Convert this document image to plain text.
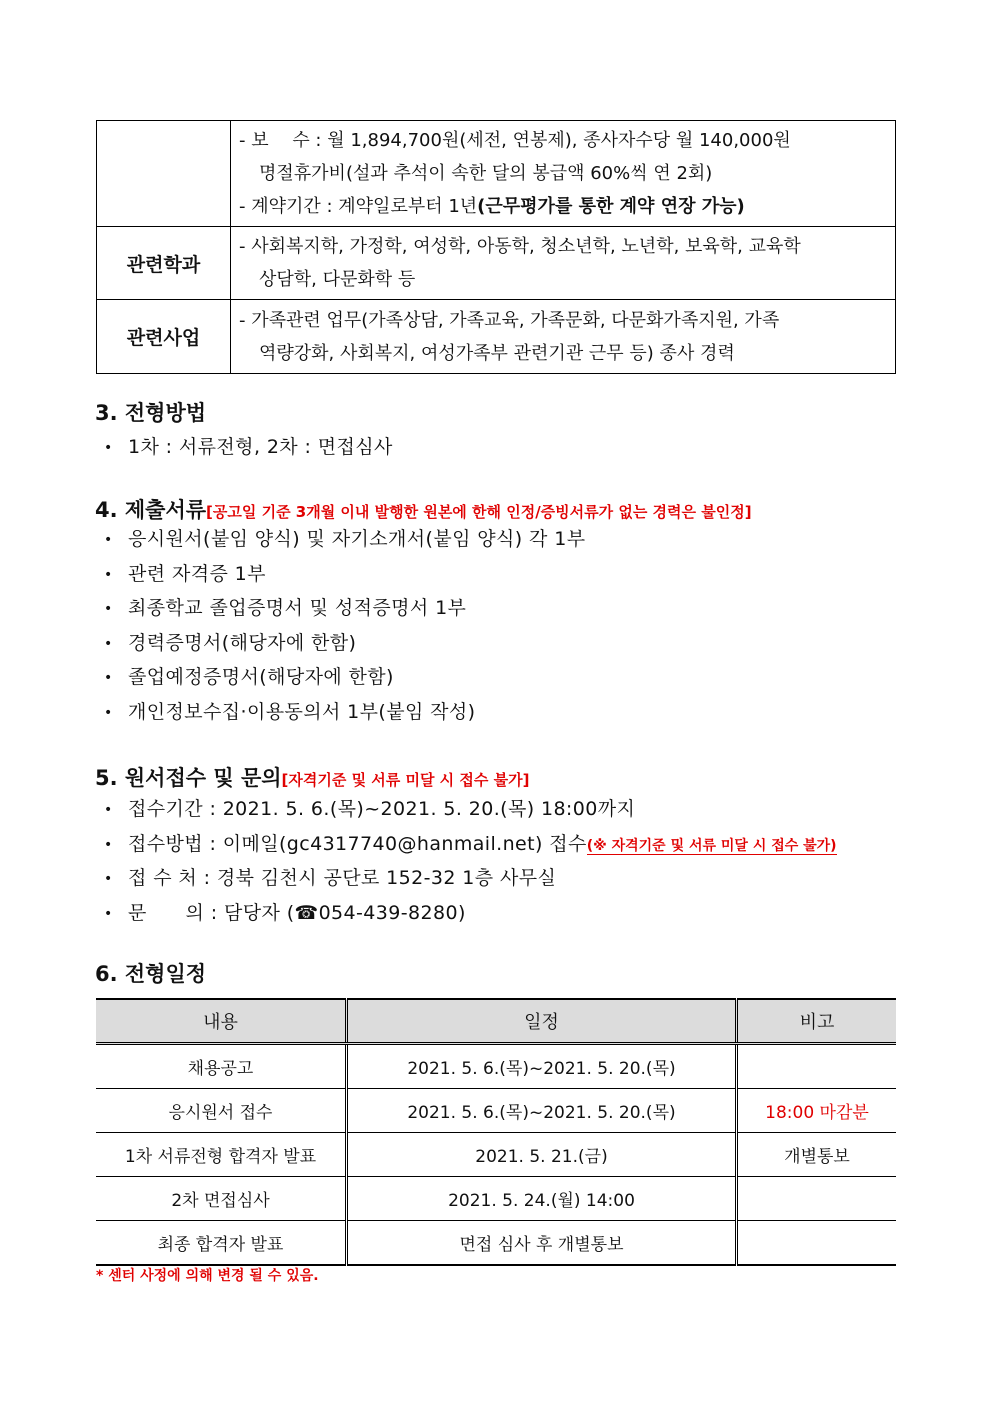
	- 보　 수 : 월 1,894,700원(세전, 연봉제), 종사자수당 월 140,000원
명절휴가비(설과 추석이 속한 달의 봉급액 60%씩 연 2회)
- 계약기간 : 계약일로부터 1년(근무평가를 통한 계약 연장 가능)

관련학과	- 사회복지학, 가정학, 여성학, 아동학, 청소년학, 노년학, 보육학, 교육학
상담학, 다문화학 등

관련사업	- 가족관련 업무(가족상담, 가족교육, 가족문화, 다문화가족지원, 가족
역량강화, 사회복지, 여성가족부 관련기관 근무 등) 종사 경력
3. 전형방법
• 1차 : 서류전형, 2차 : 면접심사
4. 제출서류[공고일 기준 3개월 이내 발행한 원본에 한해 인정/증빙서류가 없는 경력은 불인정]
• 응시원서(붙임 양식) 및 자기소개서(붙임 양식) 각 1부
• 관련 자격증 1부
• 최종학교 졸업증명서 및 성적증명서 1부
• 경력증명서(해당자에 한함)
• 졸업예정증명서(해당자에 한함)
• 개인정보수집·이용동의서 1부(붙임 작성)
5. 원서접수 및 문의[자격기준 및 서류 미달 시 접수 불가]
• 접수기간 : 2021. 5. 6.(목)~2021. 5. 20.(목) 18:00까지
• 접수방법 : 이메일(gc4317740@hanmail.net) 접수(※ 자격기준 및 서류 미달 시 접수 불가)
• 접 수 처 : 경북 김천시 공단로 152-32 1층 사무실
• 문　　의 : 담당자 (☎054-439-8280)
6. 전형일정
내용	일정	비고
채용공고	2021. 5. 6.(목)~2021. 5. 20.(목)	
응시원서 접수	2021. 5. 6.(목)~2021. 5. 20.(목)	18:00 마감분
1차 서류전형 합격자 발표	2021. 5. 21.(금)	개별통보
2차 면접심사	2021. 5. 24.(월) 14:00	
최종 합격자 발표	면접 심사 후 개별통보	
* 센터 사정에 의해 변경 될 수 있음.
